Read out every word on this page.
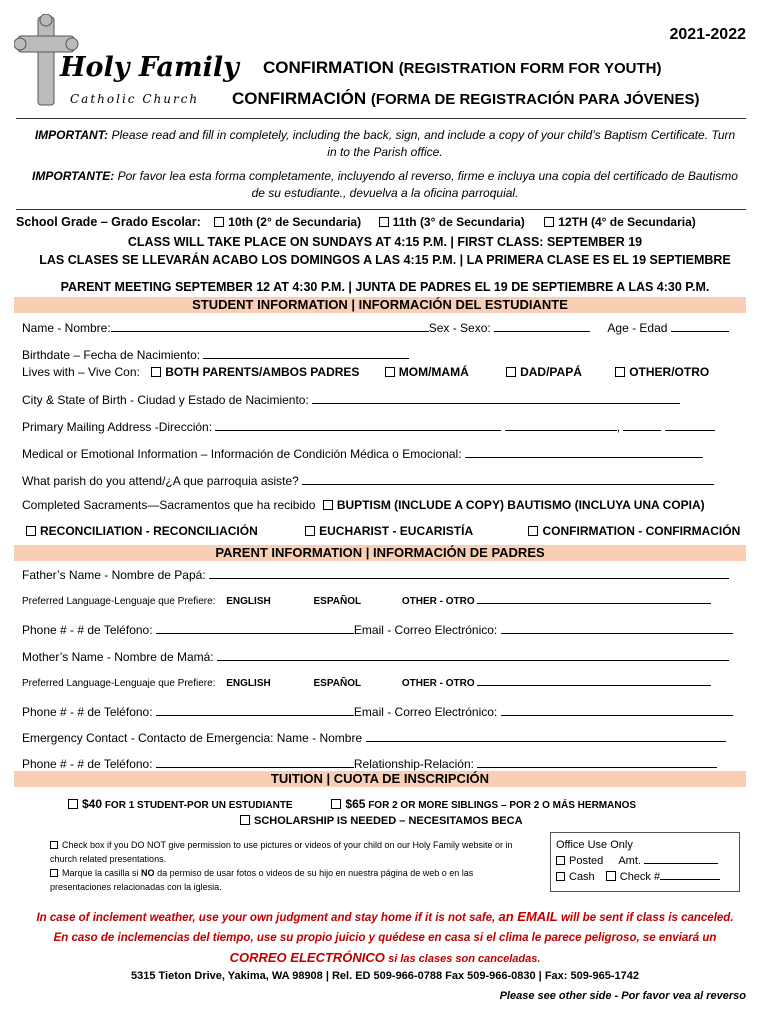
Holy Family
Catholic Church
2021-2022
CONFIRMATION (REGISTRATION FORM FOR YOUTH)
CONFIRMACIÓN (FORMA DE REGISTRACIÓN PARA JÓVENES)
IMPORTANT: Please read and fill in completely, including the back, sign, and include a copy of your child’s Baptism Certificate. Turn in to the Parish office.
IMPORTANTE: Por favor lea esta forma completamente, incluyendo al reverso, firme e incluya una copia del certificado de Bautismo de su estudiante., devuelva a la oficina parroquial.
School Grade – Grado Escolar: 10th (2° de Secundaria)	11th (3° de Secundaria)	12TH (4° de Secundaria)
CLASS WILL TAKE PLACE ON SUNDAYS AT 4:15 P.M. | FIRST CLASS: SEPTEMBER 19
LAS CLASES SE LLEVARÁN ACABO LOS DOMINGOS A LAS 4:15 P.M. | LA PRIMERA CLASE ES EL 19 SEPTIEMBRE
PARENT MEETING SEPTEMBER 12 AT 4:30 P.M. | JUNTA DE PADRES EL 19 DE SEPTIEMBRE A LAS 4:30 P.M.
STUDENT INFORMATION | INFORMACIÓN DEL ESTUDIANTE
Name - Nombre:	Sex - Sexo:	Age - Edad
Birthdate – Fecha de Nacimiento:
Lives with – Vive Con: BOTH PARENTS/AMBOS PADRES	MOM/MAMÁ	DAD/PAPÁ	OTHER/OTRO
City & State of Birth - Ciudad y Estado de Nacimiento:
Primary Mailing Address -Dirección:	,
Medical or Emotional Information – Información de Condición Médica o Emocional:
What parish do you attend/¿A que parroquia asiste?
Completed Sacraments—Sacramentos que ha recibido BUPTISM (INCLUDE A COPY) BAUTISMO (INCLUYA UNA COPIA)
RECONCILIATION - RECONCILIACIÓN	EUCHARIST - EUCARISTÍA	CONFIRMATION - CONFIRMACIÓN
PARENT INFORMATION | INFORMACIÓN DE PADRES
Father’s Name - Nombre de Papá:
Preferred Language-Lenguaje que Prefiere: ENGLISH	ESPAÑOL	OTHER - OTRO
Phone # - # de Teléfono:	Email - Correo Electrónico:
Mother’s Name - Nombre de Mamá:
Preferred Language-Lenguaje que Prefiere: ENGLISH	ESPAÑOL	OTHER - OTRO
Phone # - # de Teléfono:	Email - Correo Electrónico:
Emergency Contact - Contacto de Emergencia: Name - Nombre
Phone # - # de Teléfono:	Relationship-Relación:
TUITION | CUOTA DE INSCRIPCIÓN
$40 FOR 1 STUDENT-POR UN ESTUDIANTE	$65 FOR 2 OR MORE SIBLINGS – POR 2 O MÁS HERMANOS
SCHOLARSHIP IS NEEDED – NECESITAMOS BECA
Check box if you DO NOT give permission to use pictures or videos of your child on our Holy Family website or in church related presentations.
Marque la casilla si NO da permiso de usar fotos o videos de su hijo en nuestra página de web o en las presentaciones relacionadas con la iglesia.
Office Use Only
Posted Amt.
Cash Check #
In case of inclement weather, use your own judgment and stay home if it is not safe, an EMAIL will be sent if class is canceled.
En caso de inclemencias del tiempo, use su propio juicio y quédese en casa si el clima le parece peligroso, se enviará un CORREO ELECTRÓNICO si las clases son canceladas.
5315 Tieton Drive, Yakima, WA 98908 | Rel. ED 509-966-0788 Fax 509-966-0830 | Fax: 509-965-1742
Please see other side - Por favor vea al reverso
